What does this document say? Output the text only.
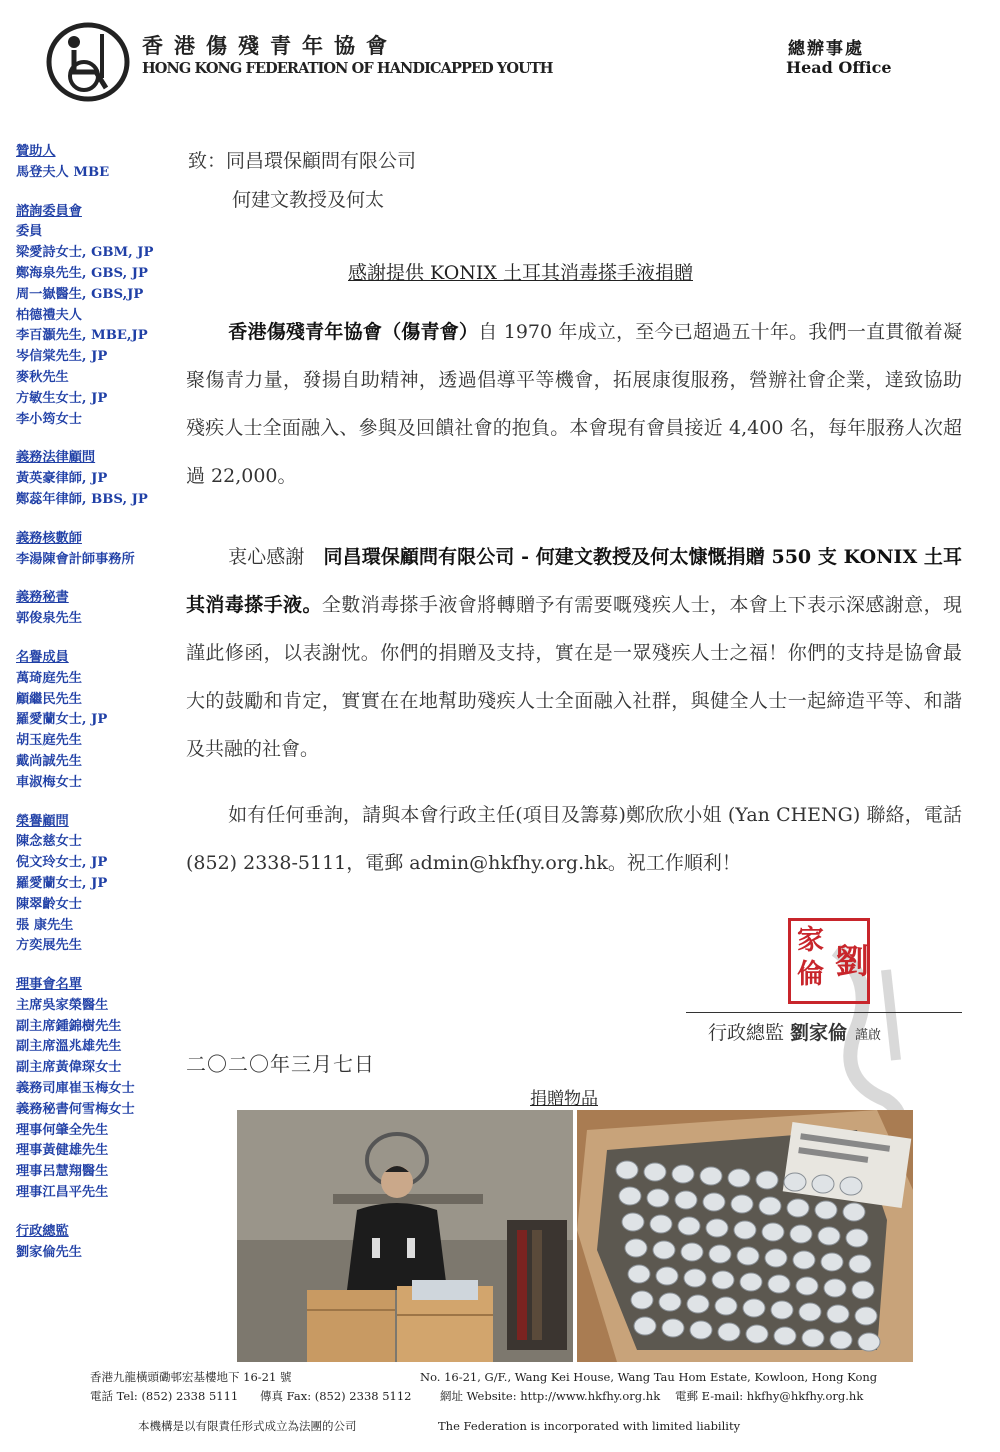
香港傷殘青年協會
HONG KONG FEDERATION OF HANDICAPPED YOUTH
總辦事處
Head Office
贊助人
馬登夫人 MBE
諮詢委員會
委員
梁愛詩女士, GBM, JP
鄭海泉先生, GBS, JP
周一嶽醫生, GBS,JP
柏德禮夫人
李百灝先生, MBE,JP
岑信棠先生, JP
麥秋先生
方敏生女士, JP
李小筠女士
義務法律顧問
黃英豪律師, JP
鄭蕊年律師, BBS, JP
義務核數師
李湯陳會計師事務所
義務秘書
郭俊泉先生
名譽成員
萬琦庭先生
顧繼民先生
羅愛蘭女士, JP
胡玉庭先生
戴尚誠先生
車淑梅女士
榮譽顧問
陳念慈女士
倪文玲女士, JP
羅愛蘭女士, JP
陳翠齡女士
張 康先生
方奕展先生
理事會名單
主席吳家榮醫生
副主席鍾錦樹先生
副主席溫兆雄先生
副主席黃偉琛女士
義務司庫崔玉梅女士
義務秘書何雪梅女士
理事何肇全先生
理事黃健雄先生
理事呂慧翔醫生
理事江昌平先生
行政總監
劉家倫先生
致：同昌環保顧問有限公司
何建文教授及何太
感謝提供 KONIX 土耳其消毒搽手液捐贈
香港傷殘青年協會（傷青會）自 1970 年成立，至今已超過五十年。我們一直貫徹着凝聚傷青力量，發揚自助精神，透過倡導平等機會，拓展康復服務，營辦社會企業，達致協助殘疾人士全面融入、參與及回饋社會的抱負。本會現有會員接近 4,400 名，每年服務人次超過 22,000。
衷心感謝　 同昌環保顧問有限公司 - 何建文教授及何太慷慨捐贈 550 支 KONIX 土耳其消毒搽手液。全數消毒搽手液會將轉贈予有需要嘅殘疾人士，本會上下表示深感謝意，現謹此修函，以表謝忱。你們的捐贈及支持，實在是一眾殘疾人士之福！你們的支持是協會最大的鼓勵和肯定，實實在在地幫助殘疾人士全面融入社群，與健全人士一起締造平等、和諧及共融的社會。
如有任何垂詢，請與本會行政主任(項目及籌募)鄭欣欣小姐 (Yan CHENG) 聯絡，電話 (852) 2338-5111，電郵 admin@hkfhy.org.hk。祝工作順利！
劉
家
倫
行政總監 劉家倫 謹啟
二〇二〇年三月七日
捐贈物品
香港九龍橫頭磡邨宏基樓地下 16-21 號	No. 16-21, G/F., Wang Kei House, Wang Tau Hom Estate, Kowloon, Hong Kong
電話 Tel: (852) 2338 5111 傳真 Fax: (852) 2338 5112 網址 Website: http://www.hkfhy.org.hk 電郵 E-mail: hkfhy@hkfhy.org.hk
本機構是以有限責任形式成立為法團的公司	The Federation is incorporated with limited liability
